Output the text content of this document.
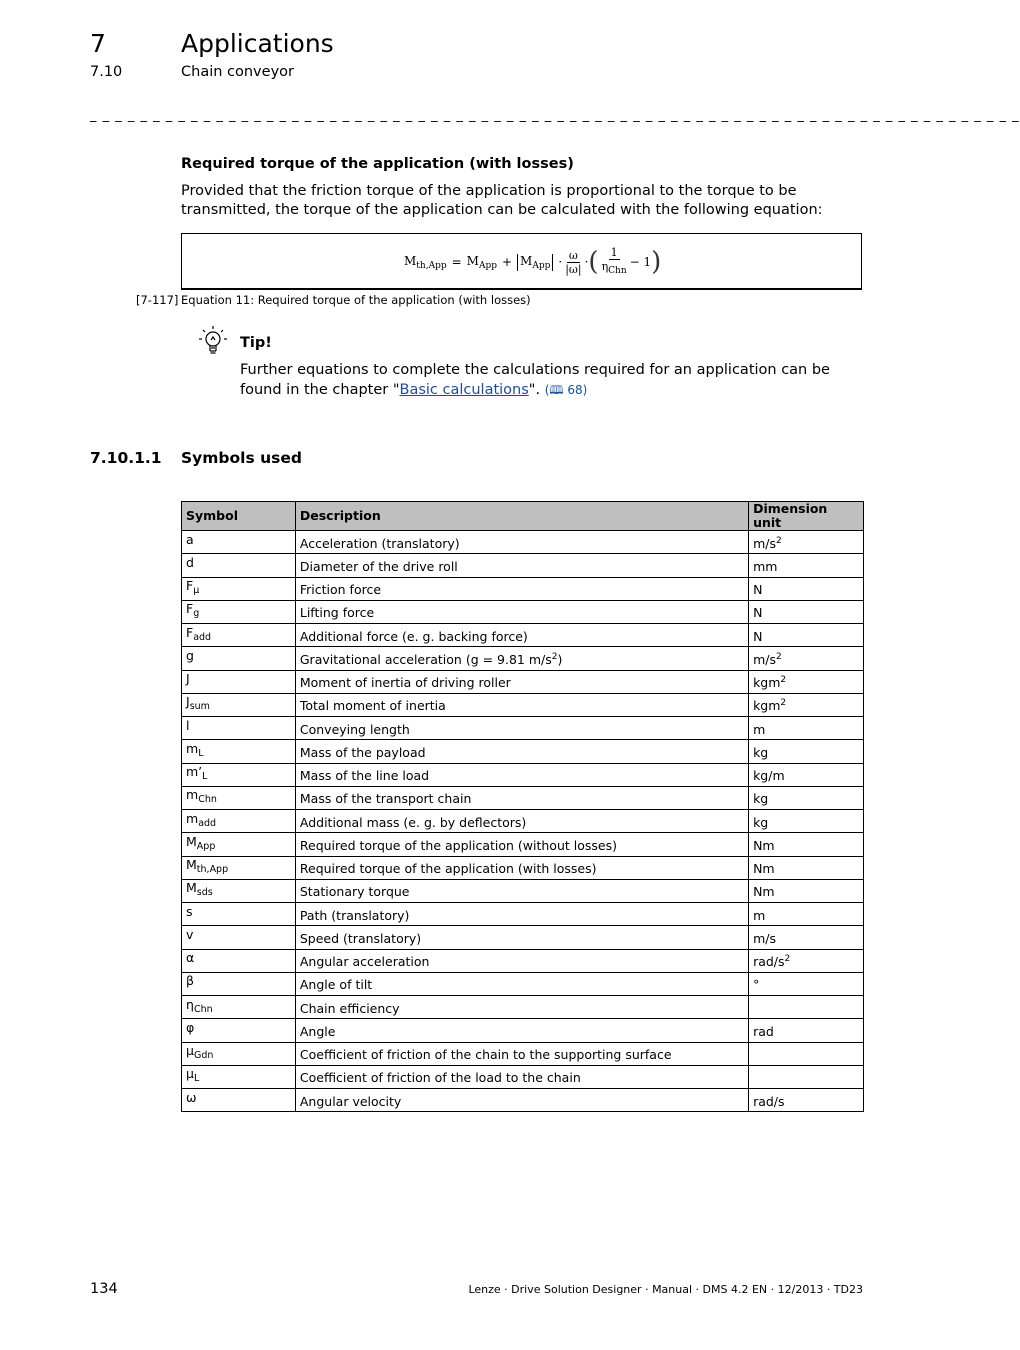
7	Applications
7.10	Chain conveyor
_ _ _ _ _ _ _ _ _ _ _ _ _ _ _ _ _ _ _ _ _ _ _ _ _ _ _ _ _ _ _ _ _ _ _ _ _ _ _ _ _ _ _ _ _ _ _ _ _ _ _ _ _ _ _ _ _ _ _ _ _ _ _ _ _ _ _ _ _ _ _ _ _ _
Required torque of the application (with losses)
Provided that the friction torque of the application is proportional to the torque to be transmitted, the torque of the application can be calculated with the following equation:
$M_{th,App} = M_{App} + M_{App} \cdot \frac{\omega}{|\omega|}$ · ( $\frac{1}{\eta_{Chn}} - 1$ )
[7-117] Equation 11: Required torque of the application (with losses)
Tip!
Further equations to complete the calculations required for an application can be found in the chapter "Basic calculations". (🕮 68)
7.10.1.1 Symbols used
Symbol	Description	Dimension unit
a	Acceleration (translatory)	$m/s^2$
d	Diameter of the drive roll	mm
$F_\mu$	Friction force	N
$F_g$	Lifting force	N
$F_{add}$	Additional force (e. g. backing force)	N
g	Gravitational acceleration (g = 9.81 $m/s^2$)	$m/s^2$
J	Moment of inertia of driving roller	kgm$^2$
$J_{sum}$	Total moment of inertia	kgm$^2$
l	Conveying length	m
$m_L$	Mass of the payload	kg
$m’_L$	Mass of the line load	kg/m
$m_{Chn}$	Mass of the transport chain	kg
$m_{add}$	Additional mass (e. g. by deflectors)	kg
$M_{App}$	Required torque of the application (without losses)	Nm
$M_{th,App}$	Required torque of the application (with losses)	Nm
$M_{sds}$	Stationary torque	Nm
s	Path (translatory)	m
v	Speed (translatory)	m/s
α	Angular acceleration	rad/$s^2$
β	Angle of tilt	°
$\eta_{Chn}$	Chain efficiency	
φ	Angle	rad
$\mu_{Gdn}$	Coefficient of friction of the chain to the supporting surface	
$\mu_L$	Coefficient of friction of the load to the chain	
ω	Angular velocity	rad/s
134	Lenze · Drive Solution Designer · Manual · DMS 4.2 EN · 12/2013 · TD23
